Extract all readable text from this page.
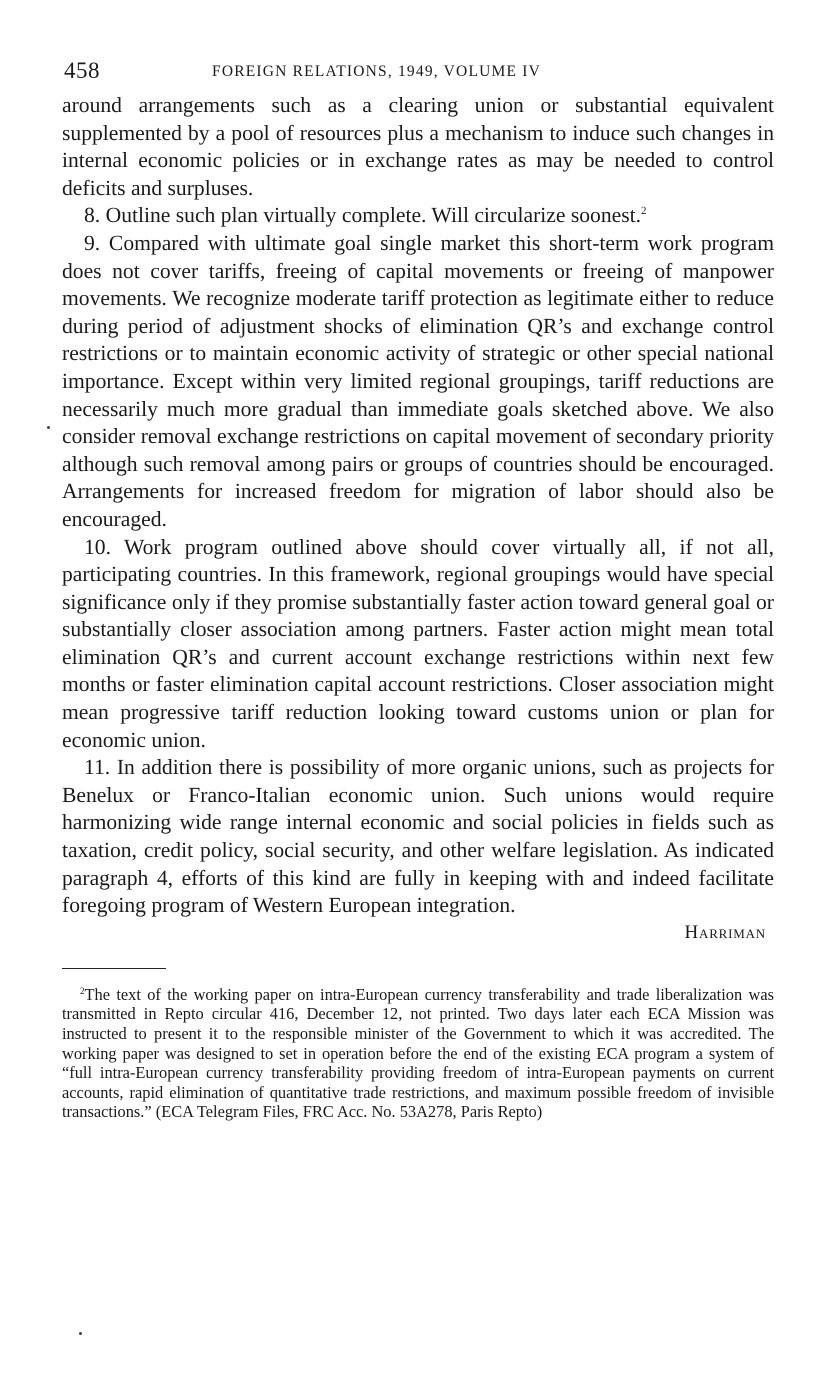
458	FOREIGN RELATIONS, 1949, VOLUME IV

around arrangements such as a clearing union or substantial equivalent supplemented by a pool of resources plus a mechanism to induce such changes in internal economic policies or in exchange rates as may be needed to control deficits and surpluses.

8. Outline such plan virtually complete. Will circularize soonest.$^2$

9. Compared with ultimate goal single market this short-term work program does not cover tariffs, freeing of capital movements or freeing of manpower movements. We recognize moderate tariff protection as legitimate either to reduce during period of adjustment shocks of elimination QR’s and exchange control restrictions or to maintain economic activity of strategic or other special national importance. Except within very limited regional groupings, tariff reductions are necessarily much more gradual than immediate goals sketched above. We also consider removal exchange restrictions on capital movement of secondary priority although such removal among pairs or groups of countries should be encouraged. Arrangements for increased freedom for migration of labor should also be encouraged.

10. Work program outlined above should cover virtually all, if not all, participating countries. In this framework, regional groupings would have special significance only if they promise substantially faster action toward general goal or substantially closer association among partners. Faster action might mean total elimination QR’s and current account exchange restrictions within next few months or faster elimination capital account restrictions. Closer association might mean progressive tariff reduction looking toward customs union or plan for economic union.

11. In addition there is possibility of more organic unions, such as projects for Benelux or Franco-Italian economic union. Such unions would require harmonizing wide range internal economic and social policies in fields such as taxation, credit policy, social security, and other welfare legislation. As indicated paragraph 4, efforts of this kind are fully in keeping with and indeed facilitate foregoing program of Western European integration.

Harriman
$^2$The text of the working paper on intra-European currency transferability and trade liberalization was transmitted in Repto circular 416, December 12, not printed. Two days later each ECA Mission was instructed to present it to the responsible minister of the Government to which it was accredited. The working paper was designed to set in operation before the end of the existing ECA program a system of “full intra-European currency transferability providing freedom of intra-European payments on current accounts, rapid elimination of quantitative trade restrictions, and maximum possible freedom of invisible transactions.” (ECA Telegram Files, FRC Acc. No. 53A278, Paris Repto)
